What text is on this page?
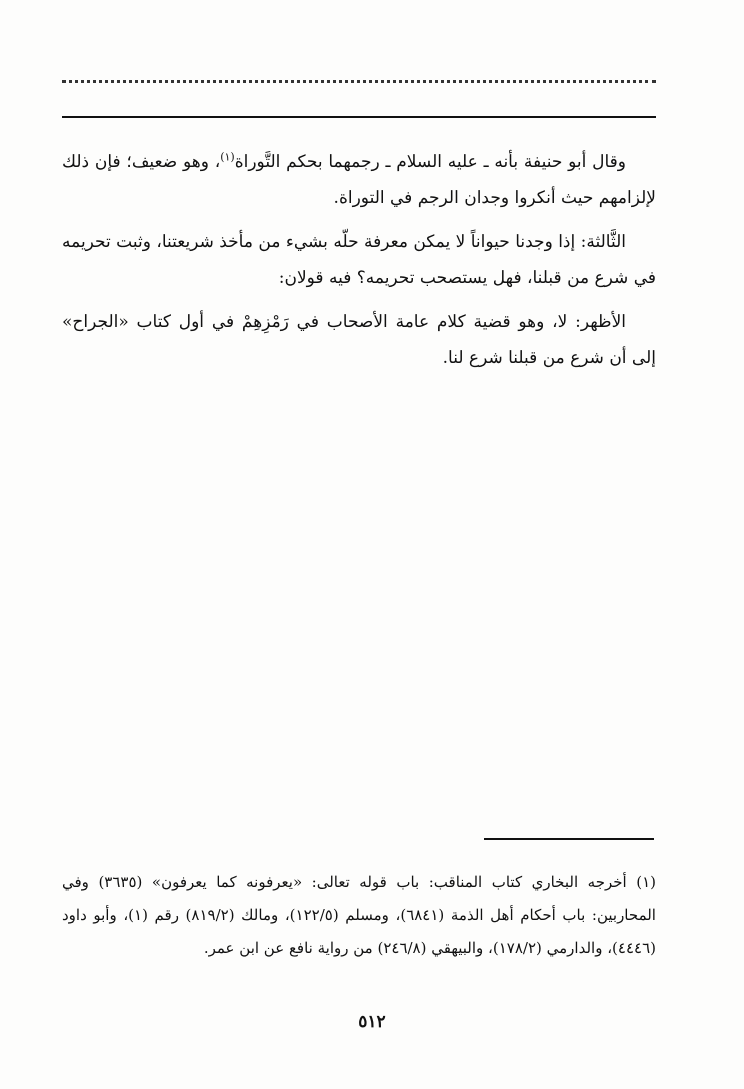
وقال أبو حنيفة بأنه ـ عليه السلام ـ رجمهما بحكم التَّوراة$^{(١)}$، وهو ضعيف؛ فإن ذلك لإلزامهم حيث أنكروا وجدان الرجم في التوراة.

الثَّالثة: إذا وجدنا حيواناً لا يمكن معرفة حلّه بشيء من مأخذ شريعتنا، وثبت تحريمه في شرع من قبلنا، فهل يستصحب تحريمه؟ فيه قولان:

الأظهر: لا، وهو قضية كلام عامة الأصحاب في رَمْزِهِمْ في أول كتاب «الجراح» إلى أن شرع من قبلنا شرع لنا.

(١) أخرجه البخاري كتاب المناقب: باب قوله تعالى: «يعرفونه كما يعرفون» (٣٦٣٥) وفي المحاربين: باب أحكام أهل الذمة (٦٨٤١)، ومسلم (١٢٢/٥)، ومالك (٨١٩/٢) رقم (١)، وأبو داود (٤٤٤٦)، والدارمي (١٧٨/٢)، والبيهقي (٢٤٦/٨) من رواية نافع عن ابن عمر.

٥١٢
